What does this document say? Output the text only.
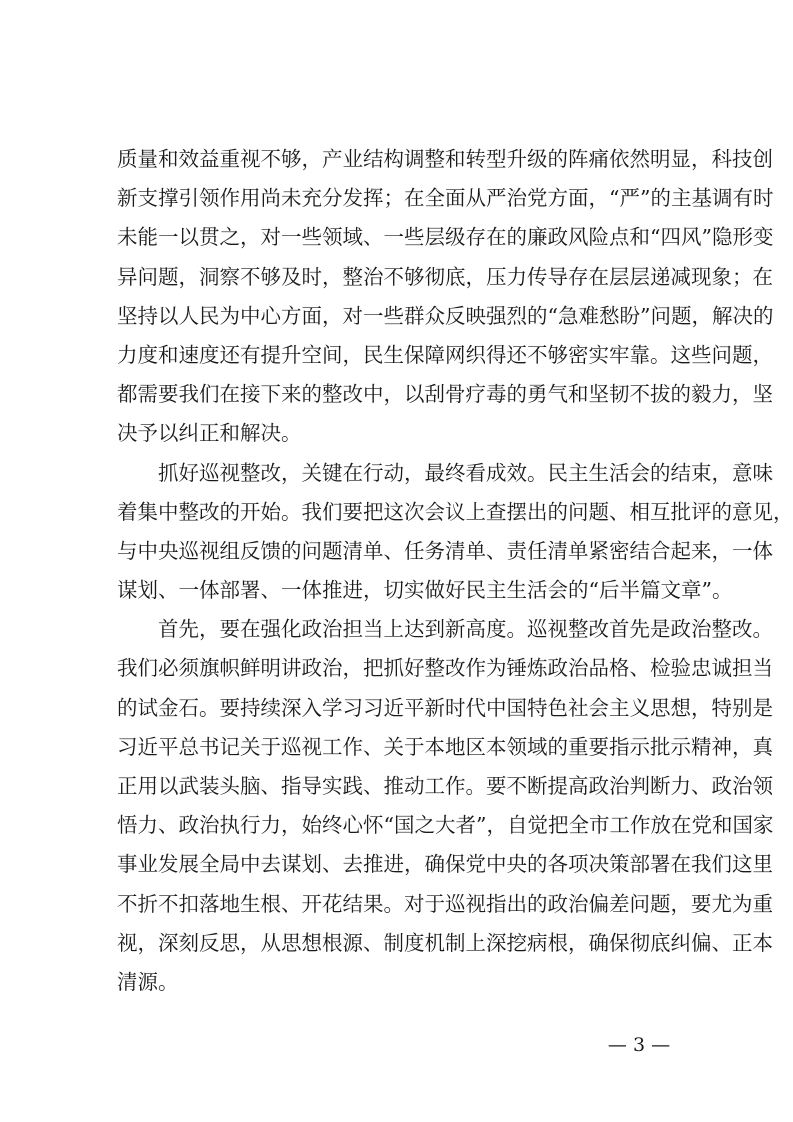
质量和效益重视不够，产业结构调整和转型升级的阵痛依然明显，科技创
新支撑引领作用尚未充分发挥；在全面从严治党方面，“严”的主基调有时
未能一以贯之，对一些领域、一些层级存在的廉政风险点和“四风”隐形变
异问题，洞察不够及时，整治不够彻底，压力传导存在层层递减现象；在
坚持以人民为中心方面，对一些群众反映强烈的“急难愁盼”问题，解决的
力度和速度还有提升空间，民生保障网织得还不够密实牢靠。这些问题，
都需要我们在接下来的整改中，以刮骨疗毒的勇气和坚韧不拔的毅力，坚
决予以纠正和解决。
抓好巡视整改，关键在行动，最终看成效。民主生活会的结束，意味
着集中整改的开始。我们要把这次会议上查摆出的问题、相互批评的意见，
与中央巡视组反馈的问题清单、任务清单、责任清单紧密结合起来，一体
谋划、一体部署、一体推进，切实做好民主生活会的“后半篇文章”。
首先，要在强化政治担当上达到新高度。巡视整改首先是政治整改。
我们必须旗帜鲜明讲政治，把抓好整改作为锤炼政治品格、检验忠诚担当
的试金石。要持续深入学习习近平新时代中国特色社会主义思想，特别是
习近平总书记关于巡视工作、关于本地区本领域的重要指示批示精神，真
正用以武装头脑、指导实践、推动工作。要不断提高政治判断力、政治领
悟力、政治执行力，始终心怀“国之大者”，自觉把全市工作放在党和国家
事业发展全局中去谋划、去推进，确保党中央的各项决策部署在我们这里
不折不扣落地生根、开花结果。对于巡视指出的政治偏差问题，要尤为重
视，深刻反思，从思想根源、制度机制上深挖病根，确保彻底纠偏、正本
清源。
— 3 —
